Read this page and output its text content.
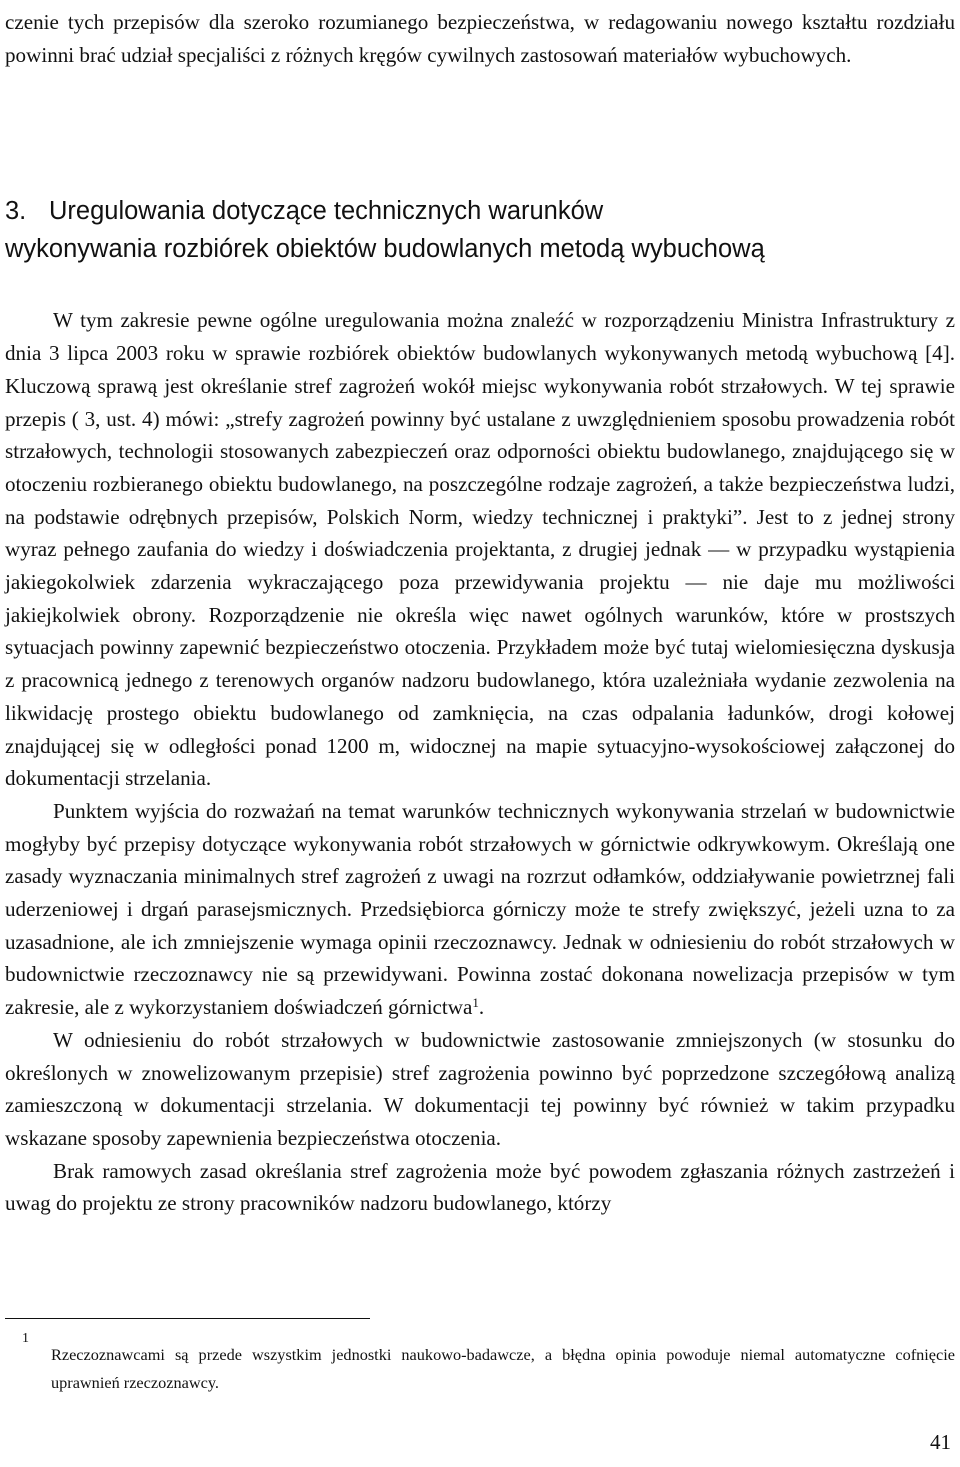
czenie tych przepisów dla szeroko rozumianego bezpieczeństwa, w redagowaniu nowego kształtu rozdziału powinni brać udział specjaliści z różnych kręgów cywilnych zastosowań materiałów wybuchowych.

3. Uregulowania dotyczące technicznych warunków
wykonywania rozbiórek obiektów budowlanych metodą wybuchową

W tym zakresie pewne ogólne uregulowania można znaleźć w rozporządzeniu Ministra Infrastruktury z dnia 3 lipca 2003 roku w sprawie rozbiórek obiektów budowlanych wykonywanych metodą wybuchową [4]. Kluczową sprawą jest określanie stref zagrożeń wokół miejsc wykonywania robót strzałowych. W tej sprawie przepis ( 3, ust. 4) mówi: „strefy zagrożeń powinny być ustalane z uwzględnieniem sposobu prowadzenia robót strzałowych, technologii stosowanych zabezpieczeń oraz odporności obiektu budowlanego, znajdującego się w otoczeniu rozbieranego obiektu budowlanego, na poszczególne rodzaje zagrożeń, a także bezpieczeństwa ludzi, na podstawie odrębnych przepisów, Polskich Norm, wiedzy technicznej i praktyki”. Jest to z jednej strony wyraz pełnego zaufania do wiedzy i doświadczenia projektanta, z drugiej jednak — w przypadku wystąpienia jakiegokolwiek zdarzenia wykraczającego poza przewidywania projektu — nie daje mu możliwości jakiejkolwiek obrony. Rozporządzenie nie określa więc nawet ogólnych warunków, które w prostszych sytuacjach powinny zapewnić bezpieczeństwo otoczenia. Przykładem może być tutaj wielomiesięczna dyskusja z pracownicą jednego z terenowych organów nadzoru budowlanego, która uzależniała wydanie zezwolenia na likwidację prostego obiektu budowlanego od zamknięcia, na czas odpalania ładunków, drogi kołowej znajdującej się w odległości ponad 1200 m, widocznej na mapie sytuacyjno-wysokościowej załączonej do dokumentacji strzelania.

Punktem wyjścia do rozważań na temat warunków technicznych wykonywania strzelań w budownictwie mogłyby być przepisy dotyczące wykonywania robót strzałowych w górnictwie odkrywkowym. Określają one zasady wyznaczania minimalnych stref zagrożeń z uwagi na rozrzut odłamków, oddziaływanie powietrznej fali uderzeniowej i drgań parasejsmicznych. Przedsiębiorca górniczy może te strefy zwiększyć, jeżeli uzna to za uzasadnione, ale ich zmniejszenie wymaga opinii rzeczoznawcy. Jednak w odniesieniu do robót strzałowych w budownictwie rzeczoznawcy nie są przewidywani. Powinna zostać dokonana nowelizacja przepisów w tym zakresie, ale z wykorzystaniem doświadczeń górnictwa$^1$.

W odniesieniu do robót strzałowych w budownictwie zastosowanie zmniejszonych (w stosunku do określonych w znowelizowanym przepisie) stref zagrożenia powinno być poprzedzone szczegółową analizą zamieszczoną w dokumentacji strzelania. W dokumentacji tej powinny być również w takim przypadku wskazane sposoby zapewnienia bezpieczeństwa otoczenia.

Brak ramowych zasad określania stref zagrożenia może być powodem zgłaszania różnych zastrzeżeń i uwag do projektu ze strony pracowników nadzoru budowlanego, którzy

1
Rzeczoznawcami są przede wszystkim jednostki naukowo-badawcze, a błędna opinia powoduje niemal automatyczne cofnięcie uprawnień rzeczoznawcy.
41
